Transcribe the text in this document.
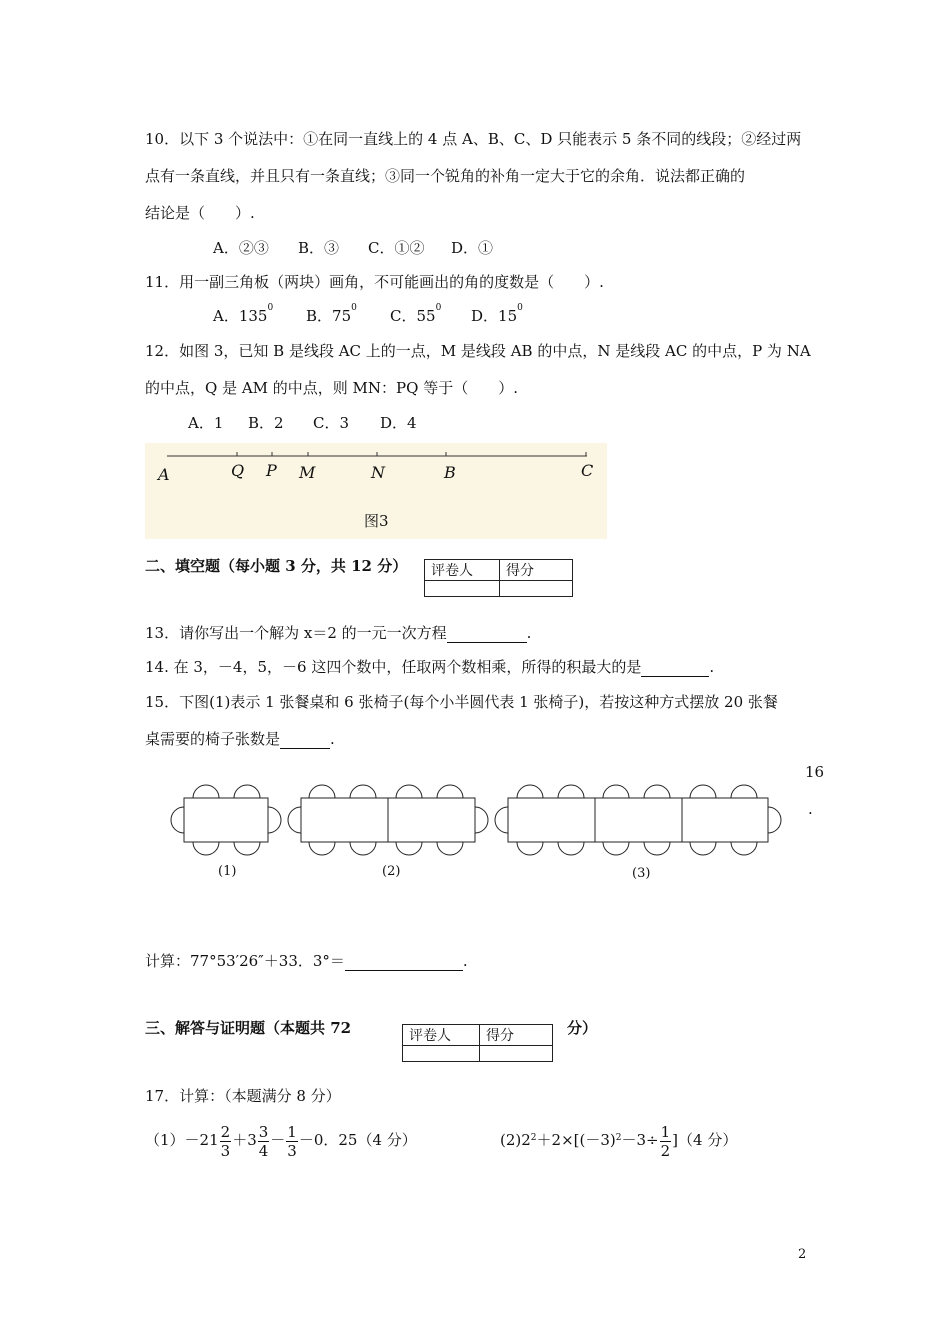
10．以下 3 个说法中：①在同一直线上的 4 点 A、B、C、D 只能表示 5 条不同的线段；②经过两
点有一条直线，并且只有一条直线；③同一个锐角的补角一定大于它的余角．说法都正确的
结论是（　　）.
A．②③ B．③ C．①② D．①
11．用一副三角板（两块）画角，不可能画出的角的度数是（　　）.
A．$135^0$ B．$75^0$ C．$55^0$ D．$15^0$
12．如图 3，已知 B 是线段 AC 上的一点，M 是线段 AB 的中点，N 是线段 AC 的中点，P 为 NA
的中点，Q 是 AM 的中点，则 MN：PQ 等于（　　）.
A．1 B．2 C．3 D．4
A	Q P M	N	B	C
图3
二、填空题（每小题 3 分，共 12 分） 评卷人	得分

13．请你写出一个解为 x＝2 的一元一次方程	.
14. 在 3，－4，5，－6 这四个数中，任取两个数相乘，所得的积最大的是	.
15．下图(1)表示 1 张餐桌和 6 张椅子(每个小半圆代表 1 张椅子)，若按这种方式摆放 20 张餐
桌需要的椅子张数是	.
(1)	(2)	(3)
16
.
计算：77°53′26″＋33．3°＝	.
三、解答与证明题（本题共 72	评卷人	得分
		分）
17．计算：（本题满分 8 分）
$(1)-21 \frac{2}{3} +3 \frac{3}{4} - \frac{1}{3} -0$．25（4 分）	$(2)2^2+2\times[(-3)^2-3\div \frac{1}{2} ](4$ 分）
2
